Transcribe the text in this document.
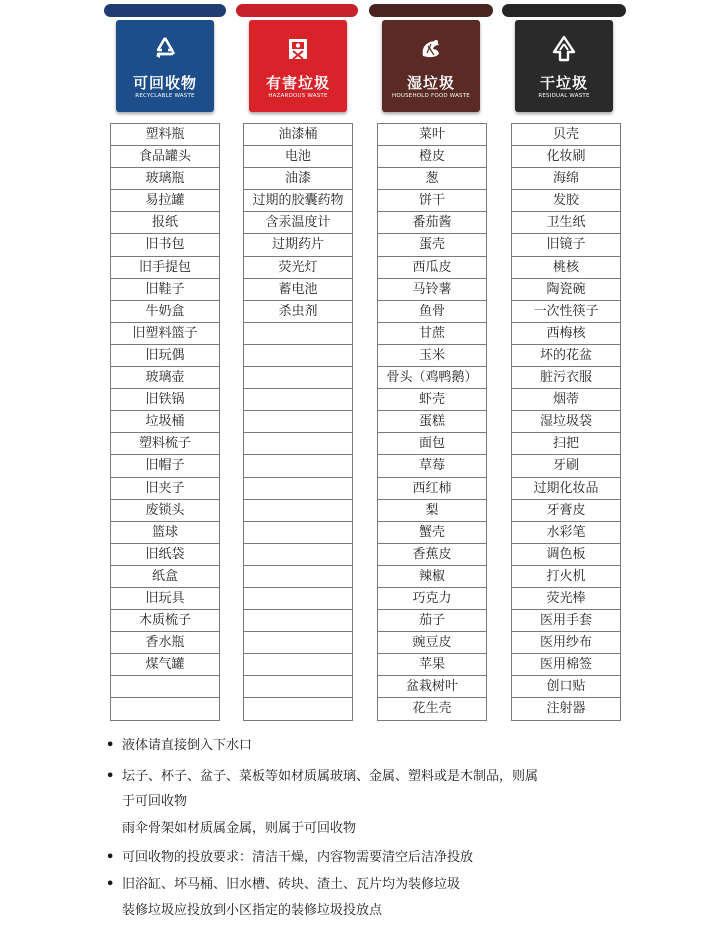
可回收物
RECYCLABLE WASTE
有害垃圾
HAZARDOUS WASTE
湿垃圾
HOUSEHOLD FOOD WASTE
干垃圾
RESIDUAL WASTE
塑料瓶
食品罐头
玻璃瓶
易拉罐
报纸
旧书包
旧手提包
旧鞋子
牛奶盒
旧塑料篮子
旧玩偶
玻璃壶
旧铁锅
垃圾桶
塑料梳子
旧帽子
旧夹子
废锁头
篮球
旧纸袋
纸盒
旧玩具
木质梳子
香水瓶
煤气罐
油漆桶
电池
油漆
过期的胶囊药物
含汞温度计
过期药片
荧光灯
蓄电池
杀虫剂
菜叶
橙皮
葱
饼干
番茄酱
蛋壳
西瓜皮
马铃薯
鱼骨
甘蔗
玉米
骨头（鸡鸭鹅）
虾壳
蛋糕
面包
草莓
西红柿
梨
蟹壳
香蕉皮
辣椒
巧克力
茄子
豌豆皮
苹果
盆栽树叶
花生壳
贝壳
化妆刷
海绵
发胶
卫生纸
旧镜子
桃核
陶瓷碗
一次性筷子
西梅核
坏的花盆
脏污衣服
烟蒂
湿垃圾袋
扫把
牙刷
过期化妆品
牙膏皮
水彩笔
调色板
打火机
荧光棒
医用手套
医用纱布
医用棉签
创口贴
注射器
• 液体请直接倒入下水口
• 坛子、杯子、盆子、菜板等如材质属玻璃、金属、塑料或是木制品，则属
于可回收物
雨伞骨架如材质属金属，则属于可回收物
• 可回收物的投放要求：清洁干燥，内容物需要清空后洁净投放
• 旧浴缸、坏马桶、旧水槽、砖块、渣土、瓦片均为装修垃圾
装修垃圾应投放到小区指定的装修垃圾投放点
